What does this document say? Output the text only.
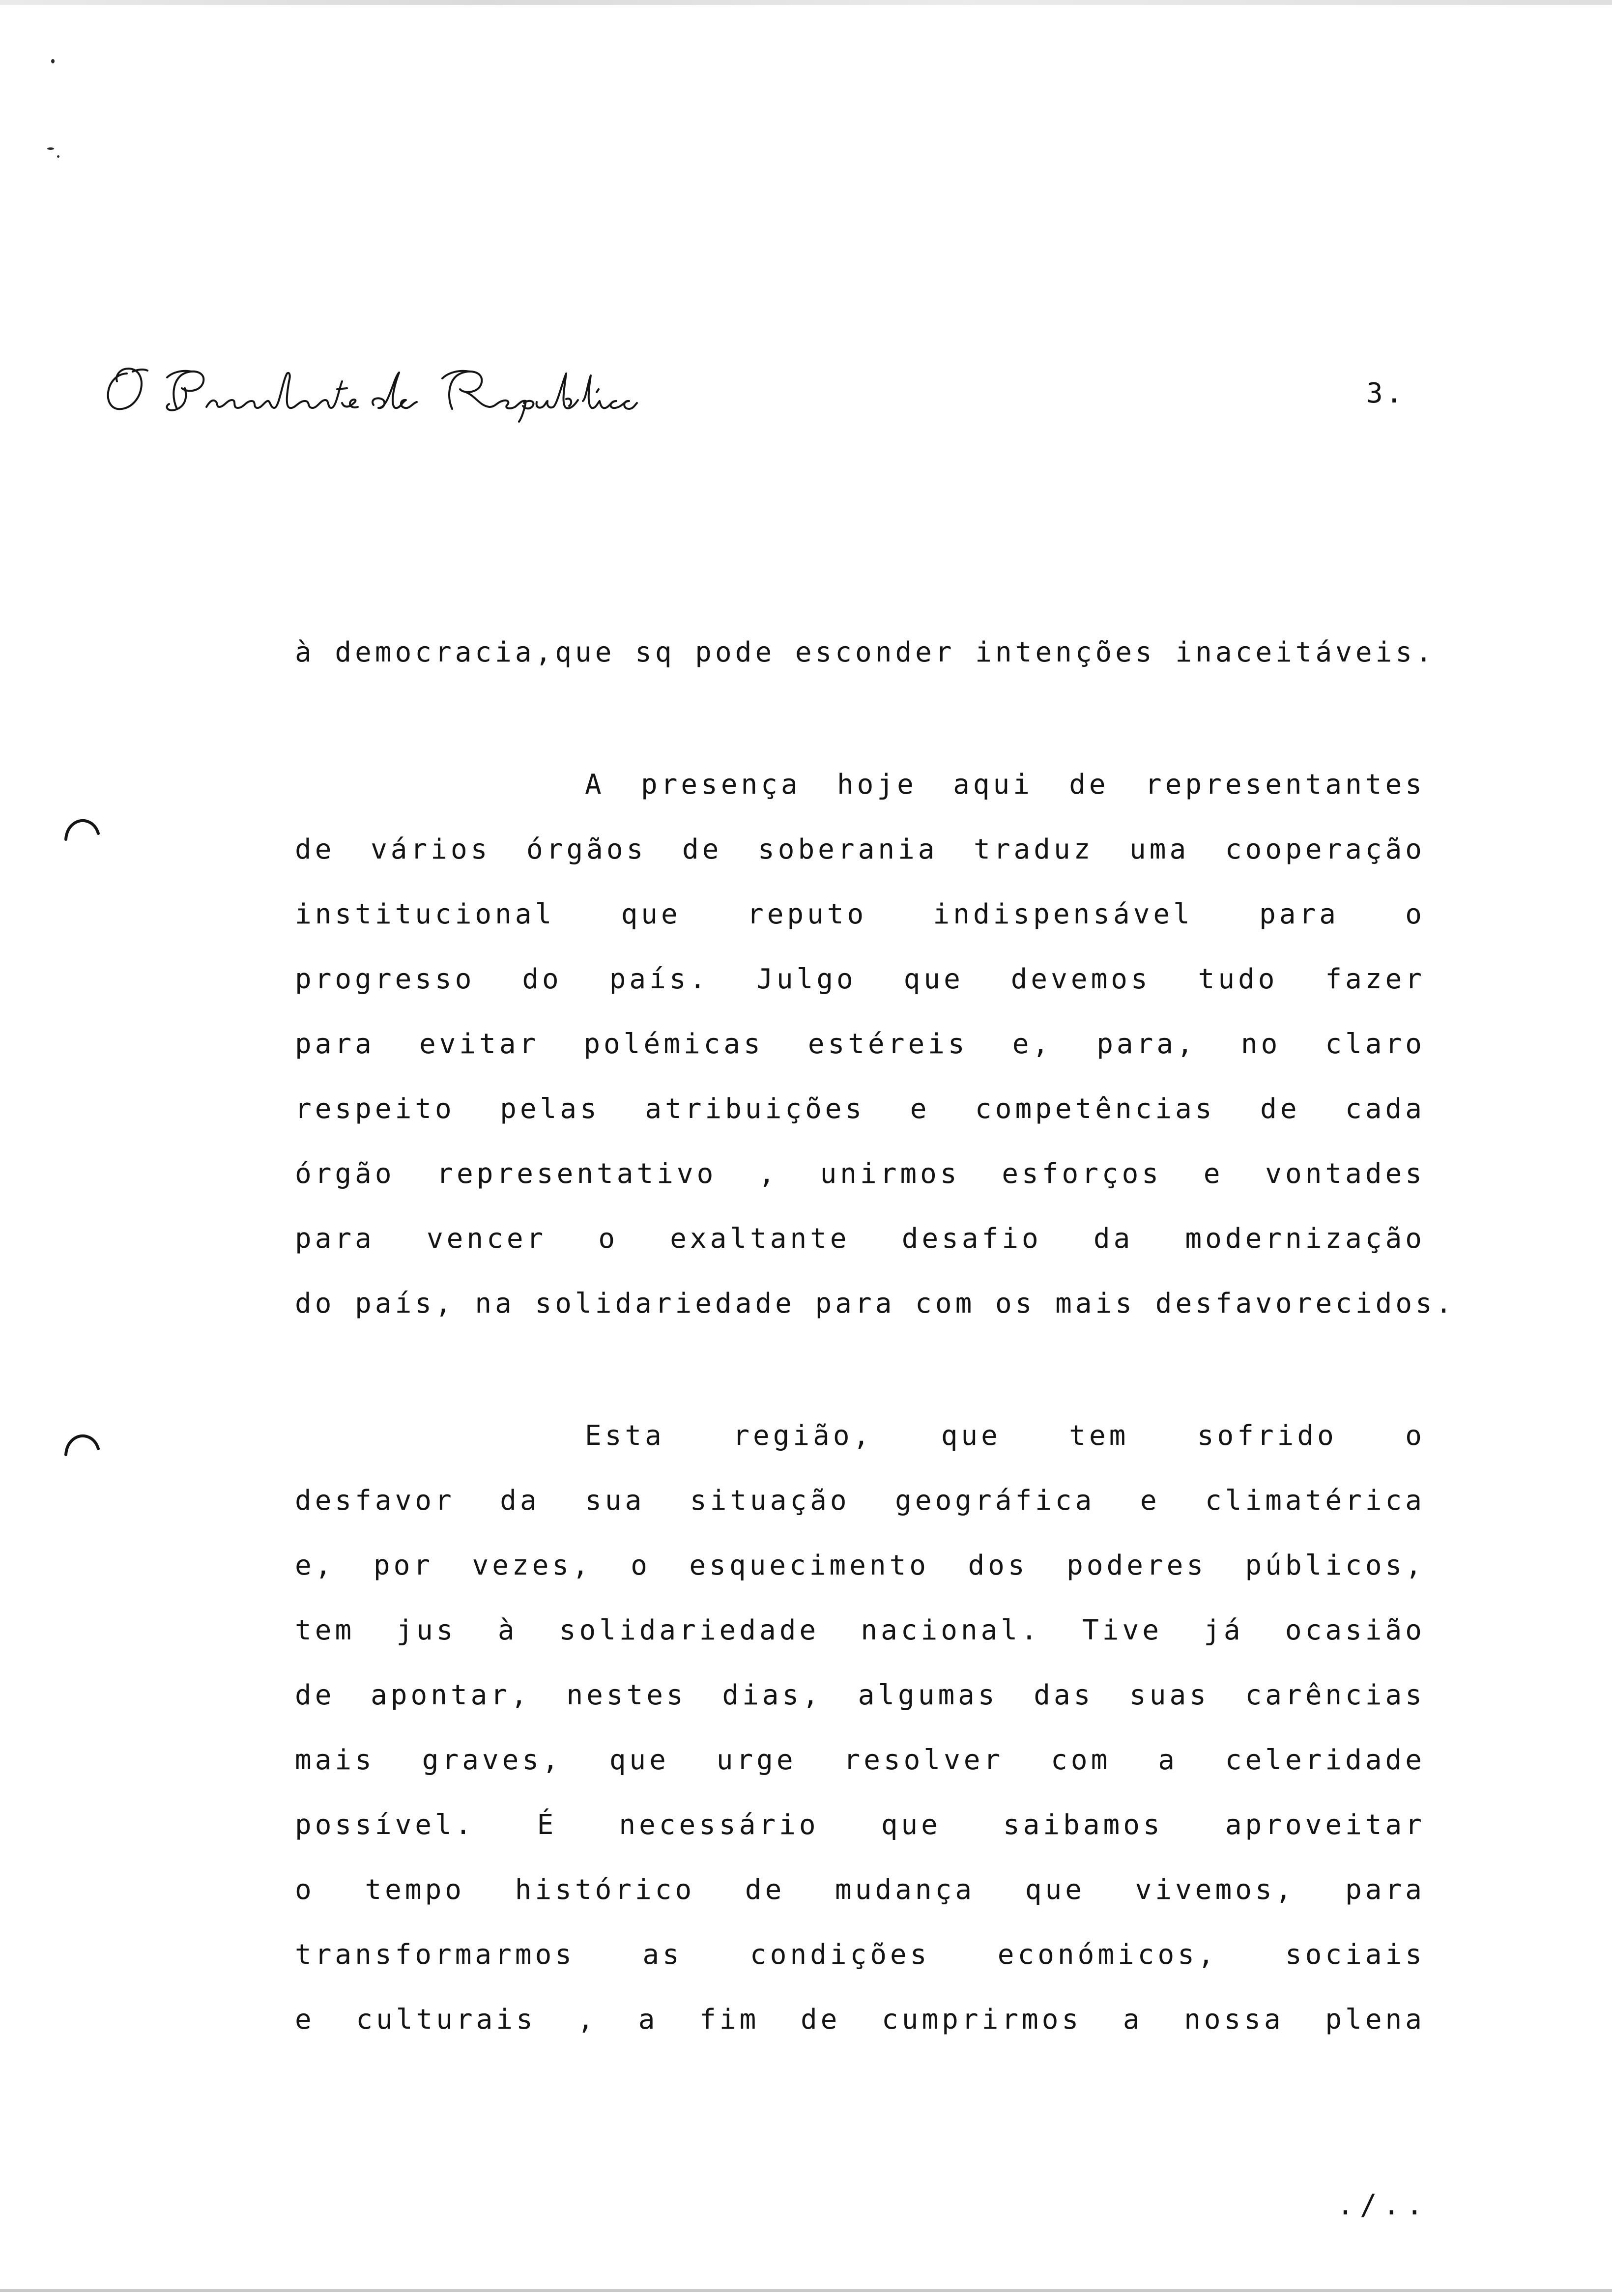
3.
à democracia,que sq pode esconder intenções inaceitáveis.
A presença hoje aqui de representantes
de vários órgãos de soberania traduz uma cooperação
institucional que reputo indispensável para o
progresso do país. Julgo que devemos tudo fazer
para evitar polémicas estéreis e, para, no claro
respeito pelas atribuições e competências de cada
órgão representativo , unirmos esforços e vontades
para vencer o exaltante desafio da modernização
do país, na solidariedade para com os mais desfavorecidos.
Esta região, que tem sofrido o
desfavor da sua situação geográfica e climatérica
e, por vezes, o esquecimento dos poderes públicos,
tem jus à solidariedade nacional. Tive já ocasião
de apontar, nestes dias, algumas das suas carências
mais graves, que urge resolver com a celeridade
possível. É necessário que saibamos aproveitar
o tempo histórico de mudança que vivemos, para
transformarmos as condições económicos, sociais
e culturais , a fim de cumprirmos a nossa plena
./..
